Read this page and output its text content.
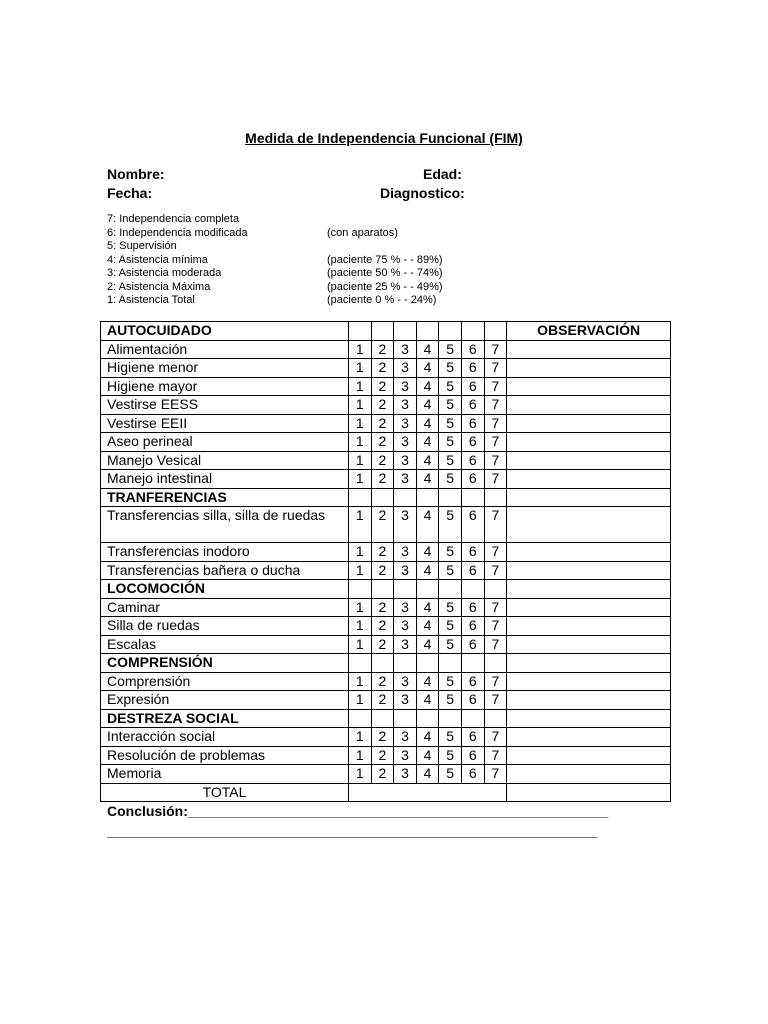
Medida de Independencia Funcional (FIM)
Nombre:	Edad:
Fecha:	Diagnostico:
7: Independencia completa
6: Independencia modificada	(con aparatos)
5: Supervisión
4: Asistencia mínima	(paciente 75 % - - 89%)
3: Asistencia moderada	(paciente 50 % - - 74%)
2: Asistencia Máxima	(paciente 25 % - - 49%)
1: Asistencia Total	(paciente 0 % - - 24%)
AUTOCUIDADO								OBSERVACIÓN
Alimentación	1	2	3	4	5	6	7	
Higiene menor	1	2	3	4	5	6	7	
Higiene mayor	1	2	3	4	5	6	7	
Vestirse EESS	1	2	3	4	5	6	7	
Vestirse EEII	1	2	3	4	5	6	7	
Aseo perineal	1	2	3	4	5	6	7	
Manejo Vesical	1	2	3	4	5	6	7	
Manejo intestinal	1	2	3	4	5	6	7	
TRANFERENCIAS								
Transferencias silla, silla de ruedas	1	2	3	4	5	6	7	
Transferencias inodoro	1	2	3	4	5	6	7	
Transferencias bañera o ducha	1	2	3	4	5	6	7	
LOCOMOCIÓN								
Caminar	1	2	3	4	5	6	7	
Silla de ruedas	1	2	3	4	5	6	7	
Escalas	1	2	3	4	5	6	7	
COMPRENSIÓN								
Comprensión	1	2	3	4	5	6	7	
Expresión	1	2	3	4	5	6	7	
DESTREZA SOCIAL								
Interacción social	1	2	3	4	5	6	7	
Resolución de problemas	1	2	3	4	5	6	7	
Memoria	1	2	3	4	5	6	7	
TOTAL								
Conclusión:______________________________________________________
_______________________________________________________________
